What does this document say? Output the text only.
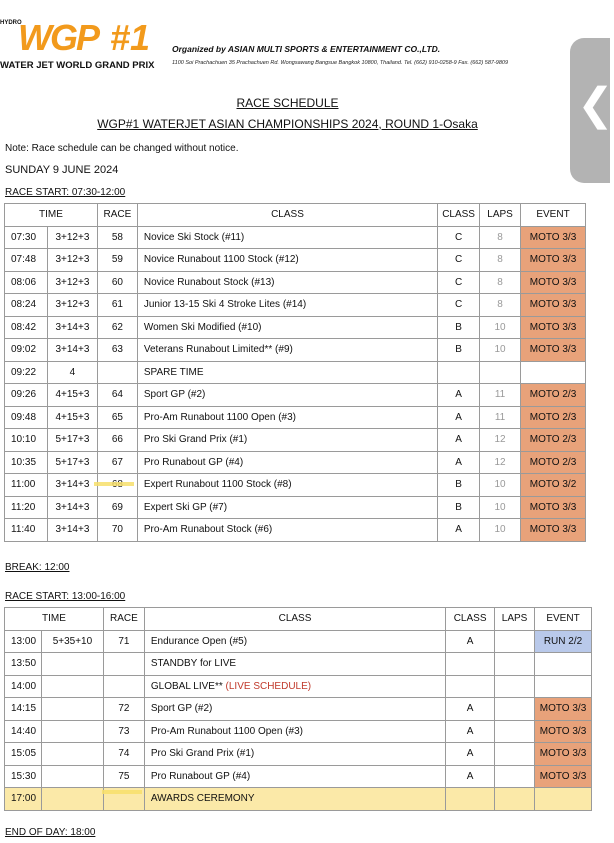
HYDRO
WGP #1
WATER JET WORLD GRAND PRIX
Organized by ASIAN MULTI SPORTS & ENTERTAINMENT CO.,LTD.
1100 Soi Prachachuen 35 Prachachuen Rd. Wongsawang Bangsue Bangkok 10800, Thailand. Tel. (662) 910-0258-9 Fax. (662) 587-9809
❮
RACE SCHEDULE
WGP#1 WATERJET ASIAN CHAMPIONSHIPS 2024, ROUND 1-Osaka
Note: Race schedule can be changed without notice.
SUNDAY 9 JUNE 2024
RACE START: 07:30-12:00
TIME		RACE	CLASS	CLASS	LAPS	EVENT
07:30	3+12+3	58	Novice Ski Stock (#11)	C	8	MOTO 3/3
07:48	3+12+3	59	Novice Runabout 1100 Stock (#12)	C	8	MOTO 3/3
08:06	3+12+3	60	Novice Runabout Stock (#13)	C	8	MOTO 3/3
08:24	3+12+3	61	Junior 13-15 Ski 4 Stroke Lites (#14)	C	8	MOTO 3/3
08:42	3+14+3	62	Women Ski Modified (#10)	B	10	MOTO 3/3
09:02	3+14+3	63	Veterans Runabout Limited** (#9)	B	10	MOTO 3/3
09:22	4		SPARE TIME			
09:26	4+15+3	64	Sport GP (#2)	A	11	MOTO 2/3
09:48	4+15+3	65	Pro-Am Runabout 1100 Open (#3)	A	11	MOTO 2/3
10:10	5+17+3	66	Pro Ski Grand Prix (#1)	A	12	MOTO 2/3
10:35	5+17+3	67	Pro Runabout GP (#4)	A	12	MOTO 2/3
11:00	3+14+3		Expert Runabout 1100 Stock (#8)	B	10	MOTO 3/2
11:20	3+14+3	69	Expert Ski GP (#7)	B	10	MOTO 3/3
11:40	3+14+3	70	Pro-Am Runabout Stock (#6)	A	10	MOTO 3/3
BREAK: 12:00
RACE START: 13:00-16:00
TIME		RACE	CLASS	CLASS	LAPS	EVENT
13:00	5+35+10	71	Endurance Open (#5)	A		RUN 2/2
13:50			STANDBY for LIVE			
14:00			GLOBAL LIVE** (LIVE SCHEDULE)			
14:15		72	Sport GP (#2)	A		MOTO 3/3
14:40		73	Pro-Am Runabout 1100 Open (#3)	A		MOTO 3/3
15:05		74	Pro Ski Grand Prix (#1)	A		MOTO 3/3
15:30		75	Pro Runabout GP (#4)	A		MOTO 3/3
17:00			AWARDS CEREMONY			
END OF DAY: 18:00
